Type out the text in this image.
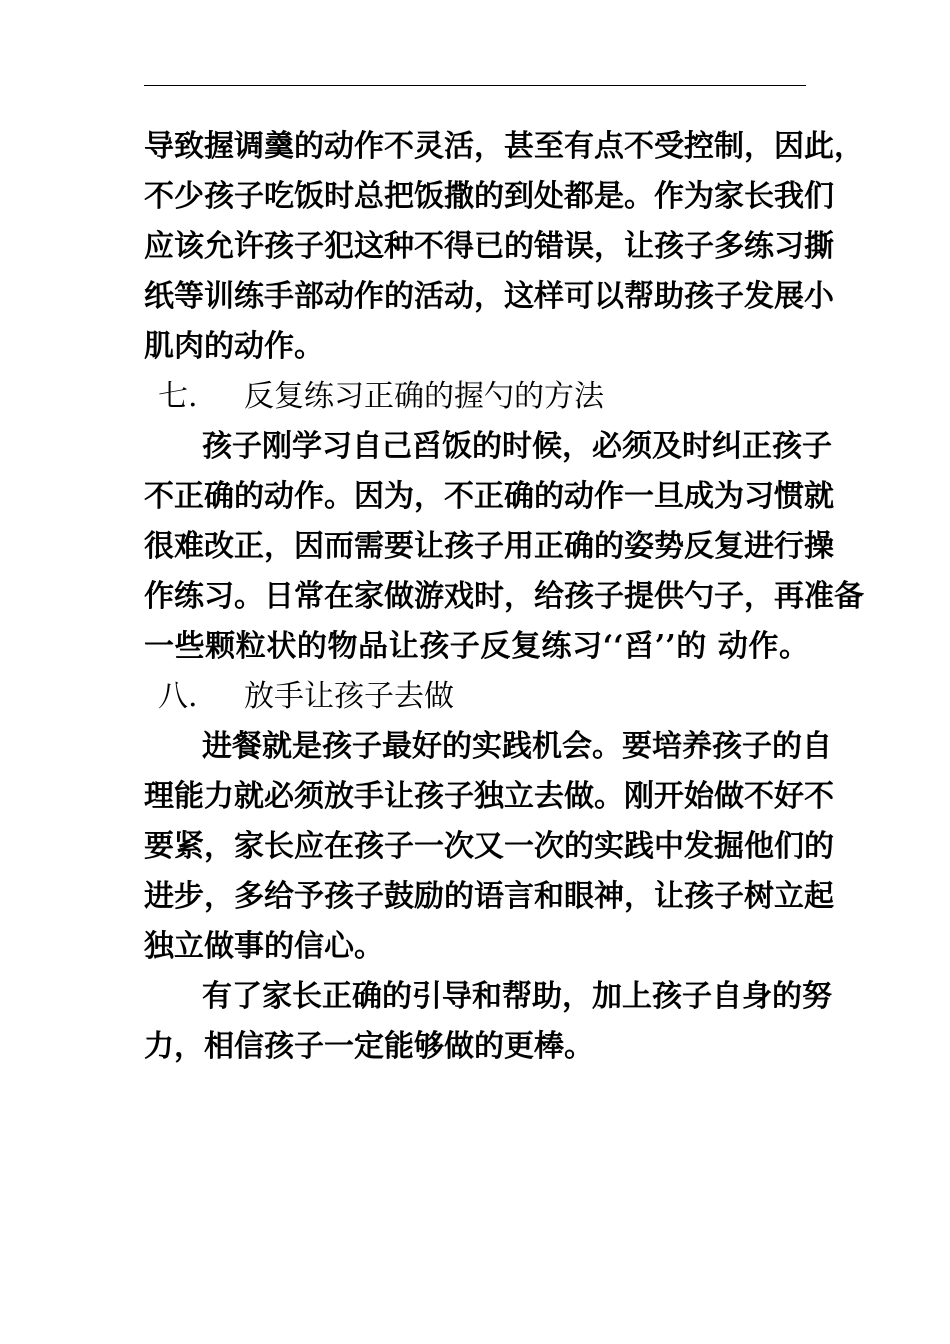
导致握调羹的动作不灵活，甚至有点不受控制，因此，
不少孩子吃饭时总把饭撒的到处都是。作为家长我们
应该允许孩子犯这种不得已的错误，让孩子多练习撕
纸等训练手部动作的活动，这样可以帮助孩子发展小
肌肉的动作。
七. 反复练习正确的握勺的方法
孩子刚学习自己舀饭的时候，必须及时纠正孩子
不正确的动作。因为，不正确的动作一旦成为习惯就
很难改正，因而需要让孩子用正确的姿势反复进行操
作练习。日常在家做游戏时，给孩子提供勺子，再准备
一些颗粒状的物品让孩子反复练习‘‘舀’’的 动作。
八. 放手让孩子去做
进餐就是孩子最好的实践机会。要培养孩子的自
理能力就必须放手让孩子独立去做。刚开始做不好不
要紧，家长应在孩子一次又一次的实践中发掘他们的
进步，多给予孩子鼓励的语言和眼神，让孩子树立起
独立做事的信心。
有了家长正确的引导和帮助，加上孩子自身的努
力，相信孩子一定能够做的更棒。
